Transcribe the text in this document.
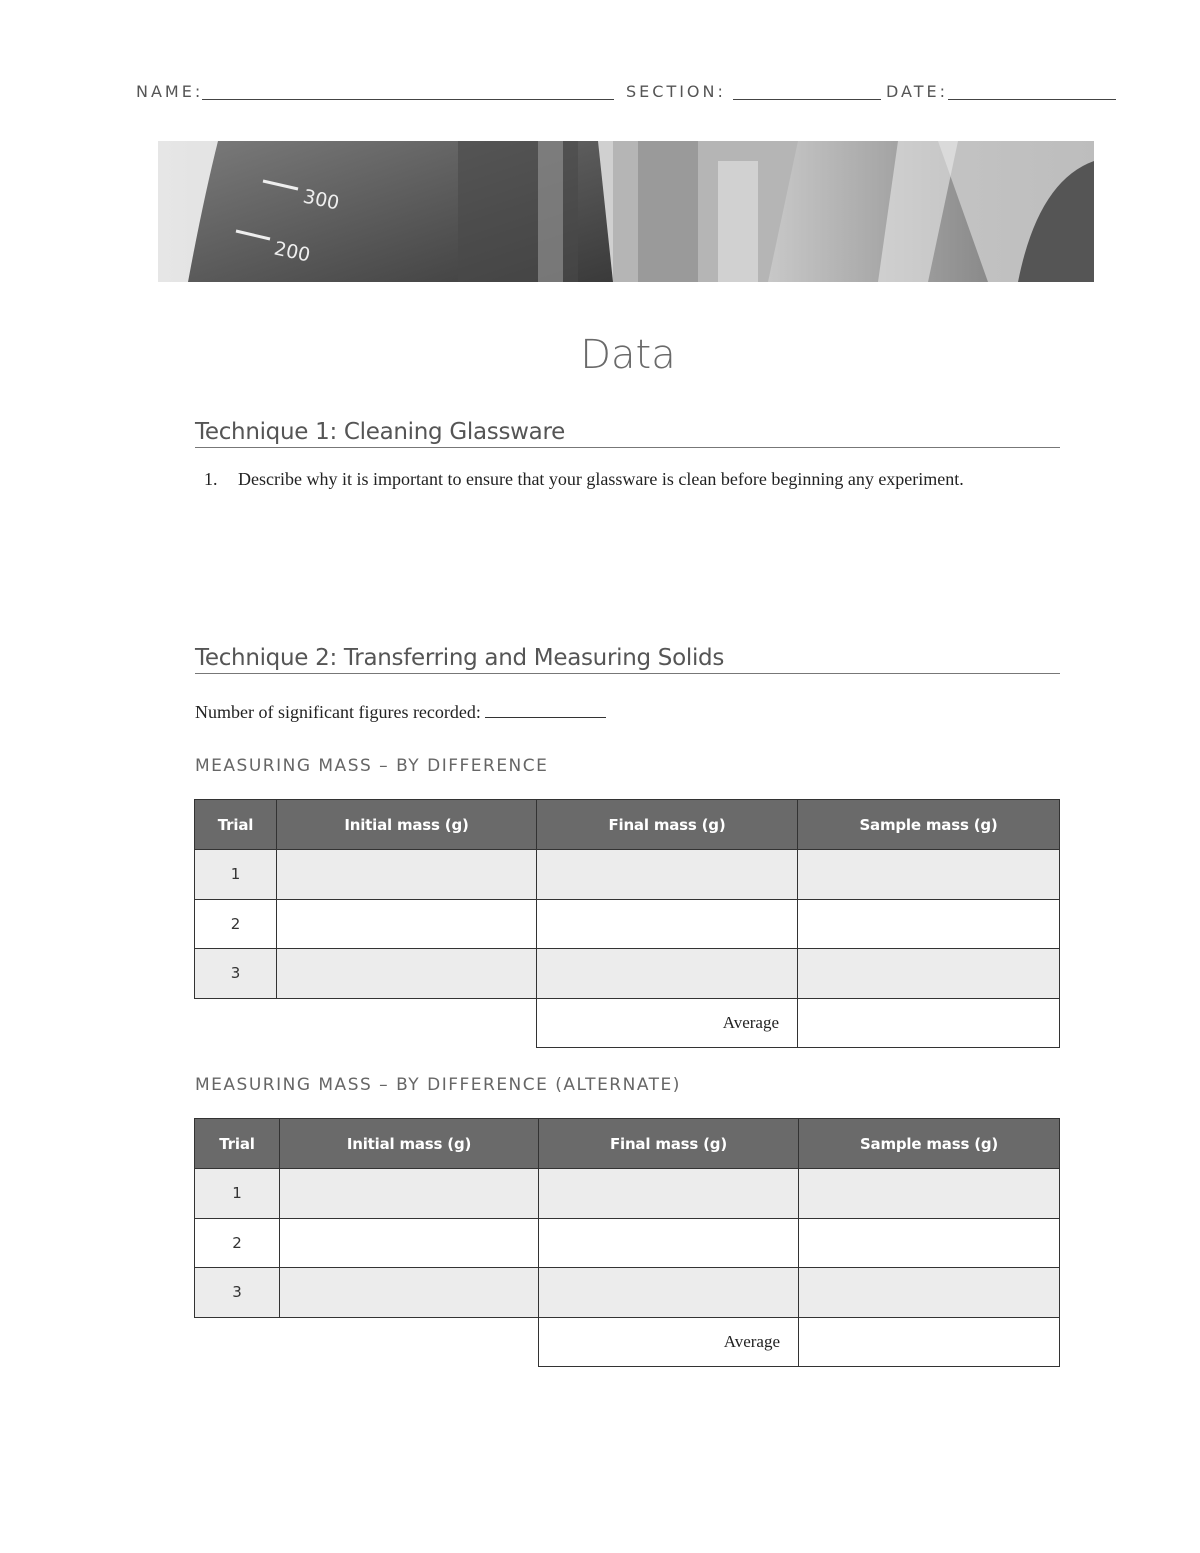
NAME:	SECTION:	DATE:
300
200
Data
Technique 1: Cleaning Glassware
1. Describe why it is important to ensure that your glassware is clean before beginning any experiment.
Technique 2: Transferring and Measuring Solids
Number of significant figures recorded:
MEASURING MASS – BY DIFFERENCE
Trial	Initial mass (g)	Final mass (g)	Sample mass (g)
1			
2			
3			
		Average	
MEASURING MASS – BY DIFFERENCE (ALTERNATE)
Trial	Initial mass (g)	Final mass (g)	Sample mass (g)
1			
2			
3			
		Average	
